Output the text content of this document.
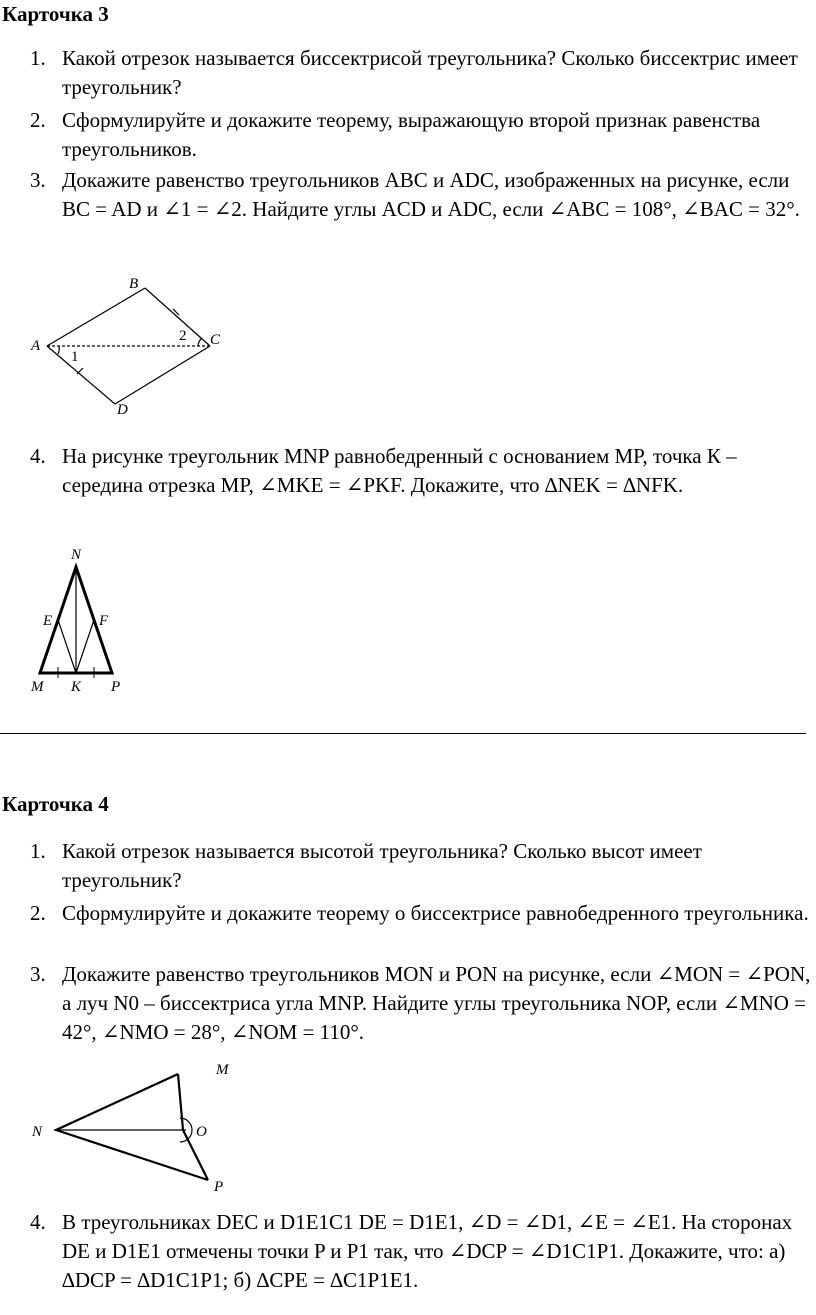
Карточка 3
1. Какой отрезок называется биссектрисой треугольника? Сколько биссектрис имеет треугольник?
2. Сформулируйте и докажите теорему, выражающую второй признак равенства треугольников.
3. Докажите равенство треугольников ABC и ADC, изображенных на рисунке, если BC = AD и ∠1 = ∠2. Найдите углы ACD и ADC, если ∠ABC = 108°, ∠BAC = 32°.
A
B
C
D
1
2
4. На рисунке треугольник MNP равнобедренный с основанием MP, точка К – середина отрезка MP, ∠MKE = ∠PKF. Докажите, что ∆NEK = ∆NFK.
N
E	F
M K P
Карточка 4
1. Какой отрезок называется высотой треугольника? Сколько высот имеет треугольник?
2. Сформулируйте и докажите теорему о биссектрисе равнобедренного треугольника.
3. Докажите равенство треугольников MON и PON на рисунке, если ∠MON = ∠PON, а луч N0 – биссектриса угла MNP. Найдите углы треугольника NOP, если ∠MNO = 42°, ∠NMO = 28°, ∠NOM = 110°.
M
N	O
P
4. В треугольниках DEC и D1E1C1 DE = D1E1, ∠D = ∠D1, ∠E = ∠E1. На сторонах DE и D1E1 отмечены точки P и P1 так, что ∠DCP = ∠D1C1P1. Докажите, что: а) ∆DCP = ∆D1C1P1; б) ∆CPE = ∆C1P1E1.
